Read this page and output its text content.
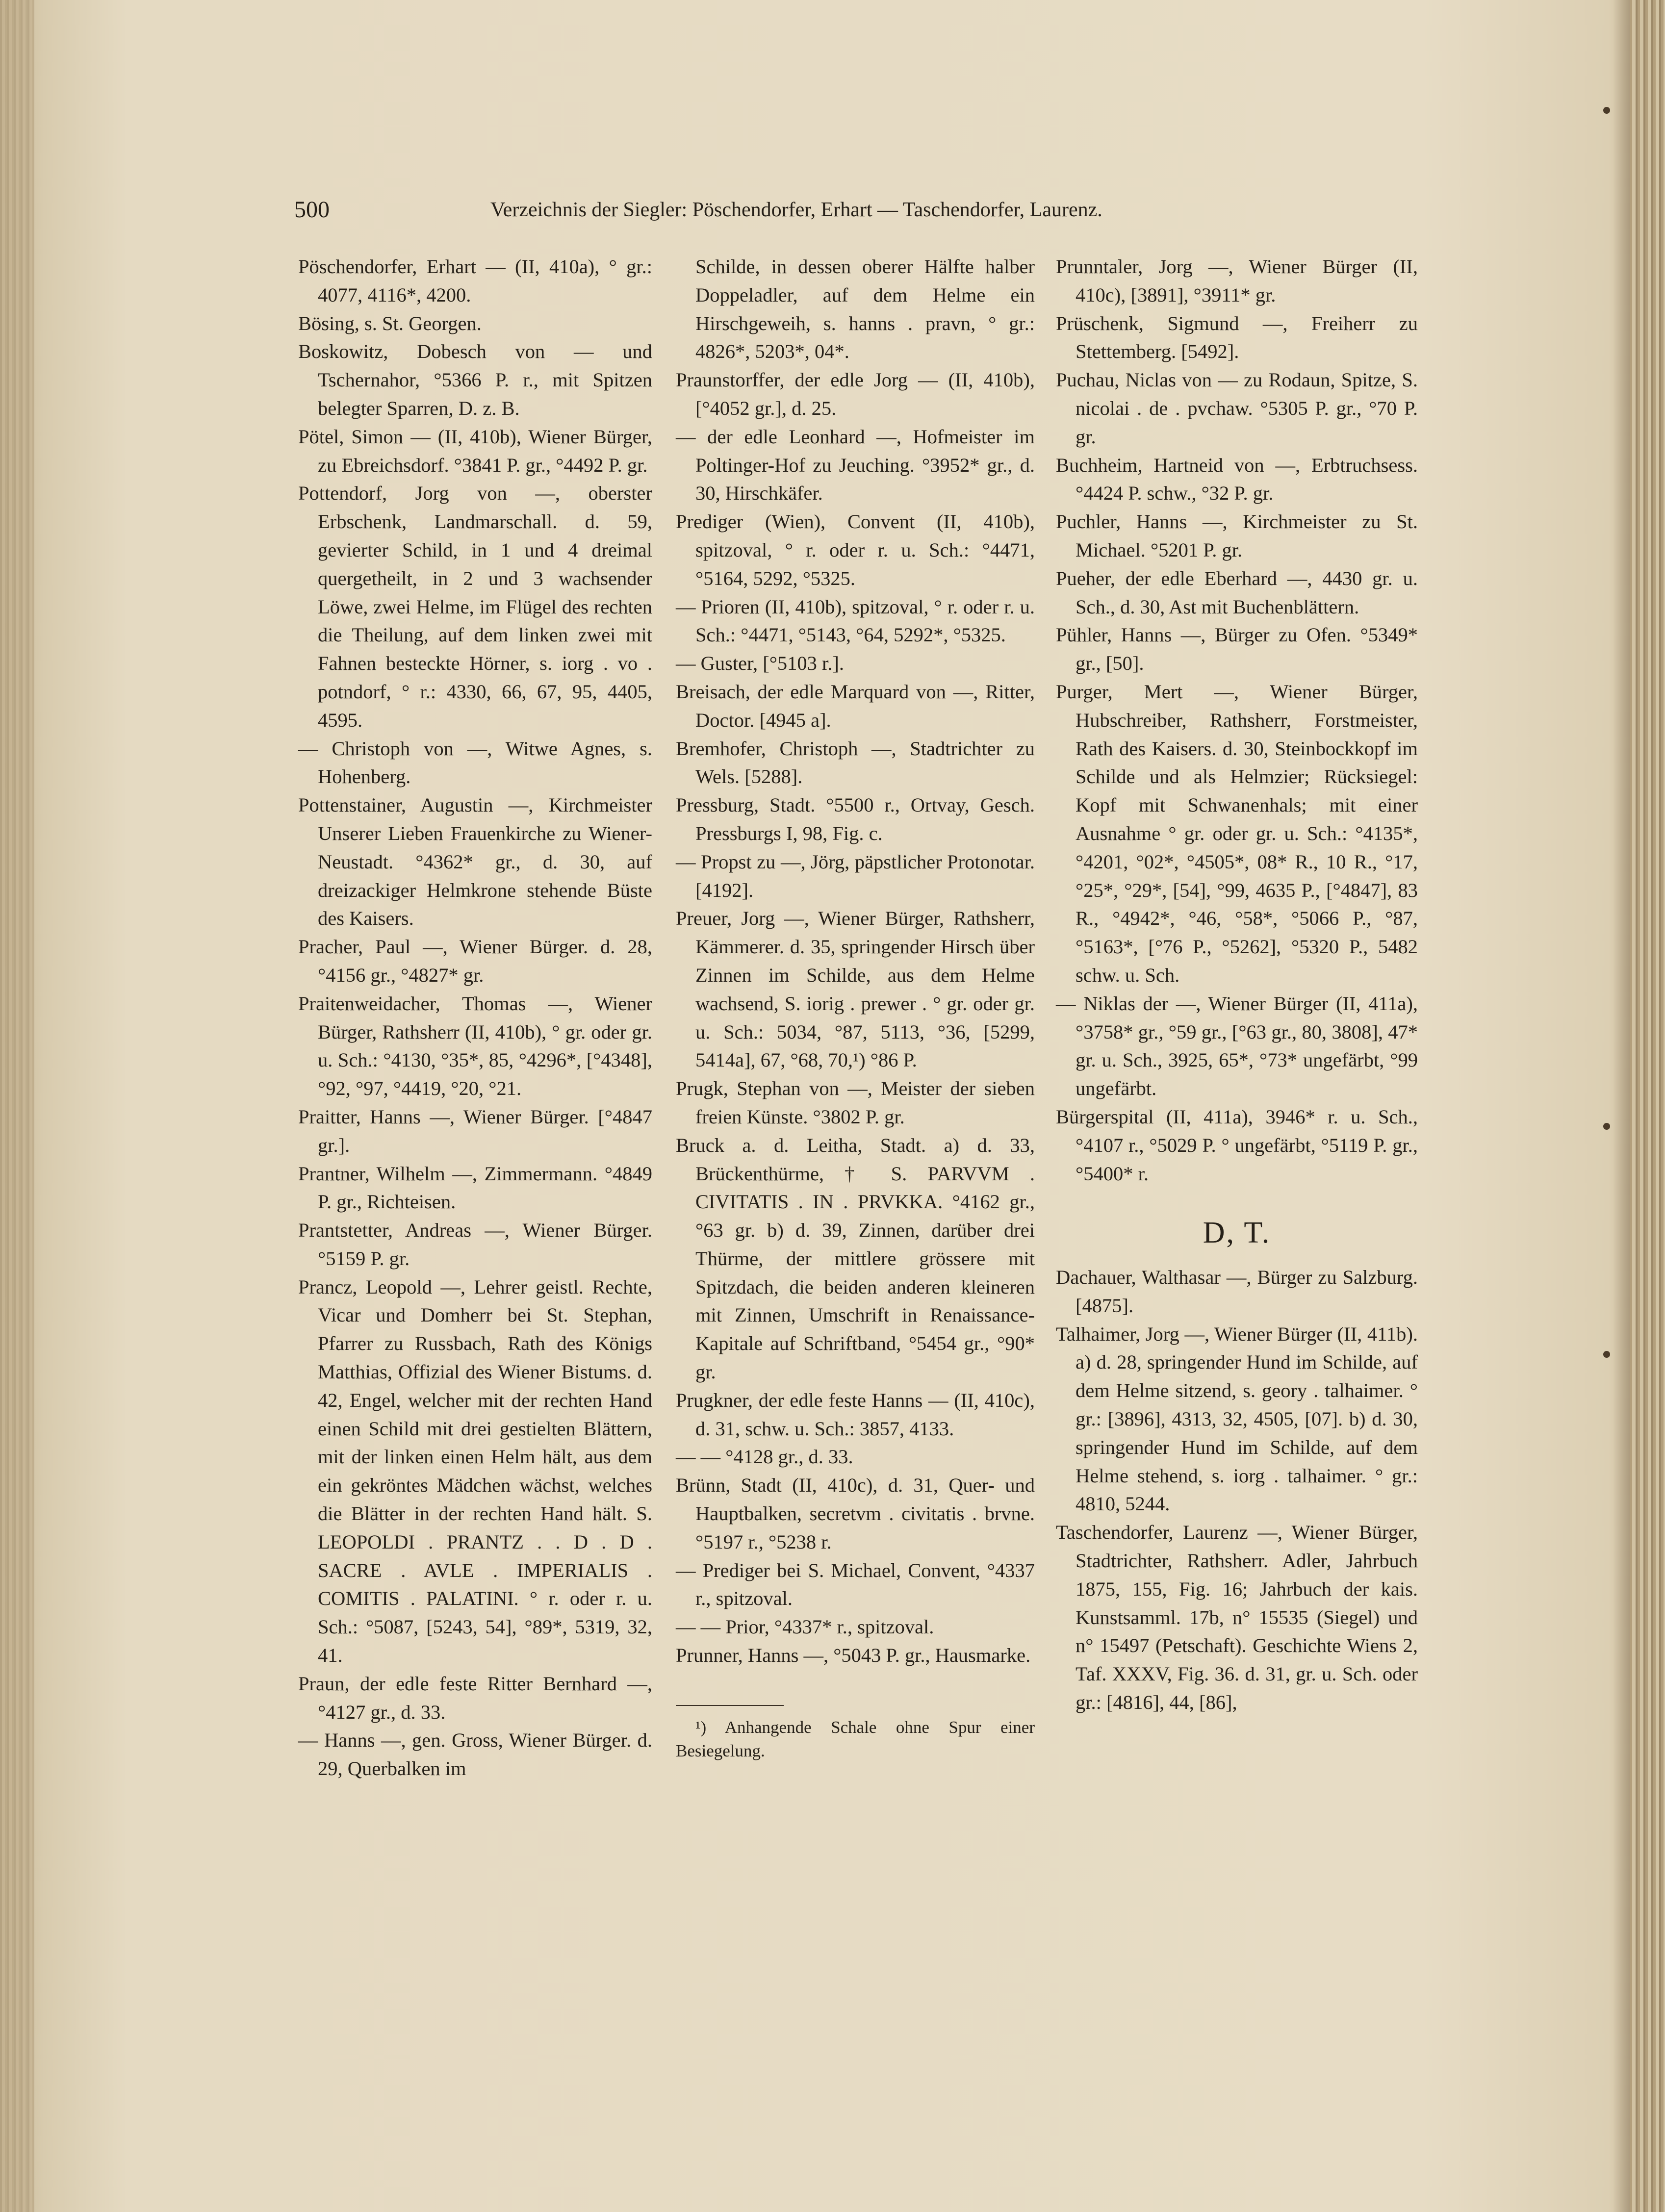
500	Verzeichnis der Siegler: Pöschendorfer, Erhart — Taschendorfer, Laurenz.

Pöschendorfer, Erhart — (II, 410a), ° gr.: 4077, 4116*, 4200.

Bösing, s. St. Georgen.

Boskowitz, Dobesch von — und Tschernahor, °5366 P. r., mit Spitzen belegter Sparren, D. z. B.

Pötel, Simon — (II, 410b), Wiener Bürger, zu Ebreichsdorf. °3841 P. gr., °4492 P. gr.

Pottendorf, Jorg von —, oberster Erbschenk, Landmarschall. d. 59, gevierter Schild, in 1 und 4 dreimal quergetheilt, in 2 und 3 wachsender Löwe, zwei Helme, im Flügel des rechten die Theilung, auf dem linken zwei mit Fahnen besteckte Hörner, s. iorg . vo . potndorf, ° r.: 4330, 66, 67, 95, 4405, 4595.

— Christoph von —, Witwe Agnes, s. Hohenberg.

Pottenstainer, Augustin —, Kirchmeister Unserer Lieben Frauenkirche zu Wiener-Neustadt. °4362* gr., d. 30, auf dreizackiger Helmkrone stehende Büste des Kaisers.

Pracher, Paul —, Wiener Bürger. d. 28, °4156 gr., °4827* gr.

Praitenweidacher, Thomas —, Wiener Bürger, Rathsherr (II, 410b), ° gr. oder gr. u. Sch.: °4130, °35*, 85, °4296*, [°4348], °92, °97, °4419, °20, °21.

Praitter, Hanns —, Wiener Bürger. [°4847 gr.].

Prantner, Wilhelm —, Zimmermann. °4849 P. gr., Richteisen.

Prantstetter, Andreas —, Wiener Bürger. °5159 P. gr.

Prancz, Leopold —, Lehrer geistl. Rechte, Vicar und Domherr bei St. Stephan, Pfarrer zu Russbach, Rath des Königs Matthias, Offizial des Wiener Bistums. d. 42, Engel, welcher mit der rechten Hand einen Schild mit drei gestielten Blättern, mit der linken einen Helm hält, aus dem ein gekröntes Mädchen wächst, welches die Blätter in der rechten Hand hält. S. LEOPOLDI . PRANTZ . . D . D . SACRE . AVLE . IMPERIALIS . COMITIS . PALATINI. ° r. oder r. u. Sch.: °5087, [5243, 54], °89*, 5319, 32, 41.

Praun, der edle feste Ritter Bernhard —, °4127 gr., d. 33.

— Hanns —, gen. Gross, Wiener Bürger. d. 29, Querbalken im

Schilde, in dessen oberer Hälfte halber Doppeladler, auf dem Helme ein Hirschgeweih, s. hanns . pravn, ° gr.: 4826*, 5203*, 04*.

Praunstorffer, der edle Jorg — (II, 410b), [°4052 gr.], d. 25.

— der edle Leonhard —, Hofmeister im Poltinger-Hof zu Jeuching. °3952* gr., d. 30, Hirschkäfer.

Prediger (Wien), Convent (II, 410b), spitzoval, ° r. oder r. u. Sch.: °4471, °5164, 5292, °5325.

— Prioren (II, 410b), spitzoval, ° r. oder r. u. Sch.: °4471, °5143, °64, 5292*, °5325.

— Guster, [°5103 r.].

Breisach, der edle Marquard von —, Ritter, Doctor. [4945 a].

Bremhofer, Christoph —, Stadtrichter zu Wels. [5288].

Pressburg, Stadt. °5500 r., Ortvay, Gesch. Pressburgs I, 98, Fig. c.

— Propst zu —, Jörg, päpstlicher Protonotar. [4192].

Preuer, Jorg —, Wiener Bürger, Rathsherr, Kämmerer. d. 35, springender Hirsch über Zinnen im Schilde, aus dem Helme wachsend, S. iorig . prewer . ° gr. oder gr. u. Sch.: 5034, °87, 5113, °36, [5299, 5414a], 67, °68, 70,¹) °86 P.

Prugk, Stephan von —, Meister der sieben freien Künste. °3802 P. gr.

Bruck a. d. Leitha, Stadt. a) d. 33, Brückenthürme, † S. PARVVM . CIVITATIS . IN . PRVKKA. °4162 gr., °63 gr. b) d. 39, Zinnen, darüber drei Thürme, der mittlere grössere mit Spitzdach, die beiden anderen kleineren mit Zinnen, Umschrift in Renaissance-Kapitale auf Schriftband, °5454 gr., °90* gr.

Prugkner, der edle feste Hanns — (II, 410c), d. 31, schw. u. Sch.: 3857, 4133.

— — °4128 gr., d. 33.

Brünn, Stadt (II, 410c), d. 31, Quer- und Hauptbalken, secretvm . civitatis . brvne. °5197 r., °5238 r.

— Prediger bei S. Michael, Convent, °4337 r., spitzoval.

— — Prior, °4337* r., spitzoval.

Prunner, Hanns —, °5043 P. gr., Hausmarke.

¹) Anhangende Schale ohne Spur einer Besiegelung.

Prunntaler, Jorg —, Wiener Bürger (II, 410c), [3891], °3911* gr.

Prüschenk, Sigmund —, Freiherr zu Stettemberg. [5492].

Puchau, Niclas von — zu Rodaun, Spitze, S. nicolai . de . pvchaw. °5305 P. gr., °70 P. gr.

Buchheim, Hartneid von —, Erbtruchsess. °4424 P. schw., °32 P. gr.

Puchler, Hanns —, Kirchmeister zu St. Michael. °5201 P. gr.

Pueher, der edle Eberhard —, 4430 gr. u. Sch., d. 30, Ast mit Buchenblättern.

Pühler, Hanns —, Bürger zu Ofen. °5349* gr., [50].

Purger, Mert —, Wiener Bürger, Hubschreiber, Rathsherr, Forstmeister, Rath des Kaisers. d. 30, Steinbockkopf im Schilde und als Helmzier; Rücksiegel: Kopf mit Schwanenhals; mit einer Ausnahme ° gr. oder gr. u. Sch.: °4135*, °4201, °02*, °4505*, 08* R., 10 R., °17, °25*, °29*, [54], °99, 4635 P., [°4847], 83 R., °4942*, °46, °58*, °5066 P., °87, °5163*, [°76 P., °5262], °5320 P., 5482 schw. u. Sch.

— Niklas der —, Wiener Bürger (II, 411a), °3758* gr., °59 gr., [°63 gr., 80, 3808], 47* gr. u. Sch., 3925, 65*, °73* ungefärbt, °99 ungefärbt.

Bürgerspital (II, 411a), 3946* r. u. Sch., °4107 r., °5029 P. ° ungefärbt, °5119 P. gr., °5400* r.

D, T.

Dachauer, Walthasar —, Bürger zu Salzburg. [4875].

Talhaimer, Jorg —, Wiener Bürger (II, 411b). a) d. 28, springender Hund im Schilde, auf dem Helme sitzend, s. geory . talhaimer. ° gr.: [3896], 4313, 32, 4505, [07]. b) d. 30, springender Hund im Schilde, auf dem Helme stehend, s. iorg . talhaimer. ° gr.: 4810, 5244.

Taschendorfer, Laurenz —, Wiener Bürger, Stadtrichter, Rathsherr. Adler, Jahrbuch 1875, 155, Fig. 16; Jahrbuch der kais. Kunstsamml. 17b, n° 15535 (Siegel) und n° 15497 (Petschaft). Geschichte Wiens 2, Taf. XXXV, Fig. 36. d. 31, gr. u. Sch. oder gr.: [4816], 44, [86],
